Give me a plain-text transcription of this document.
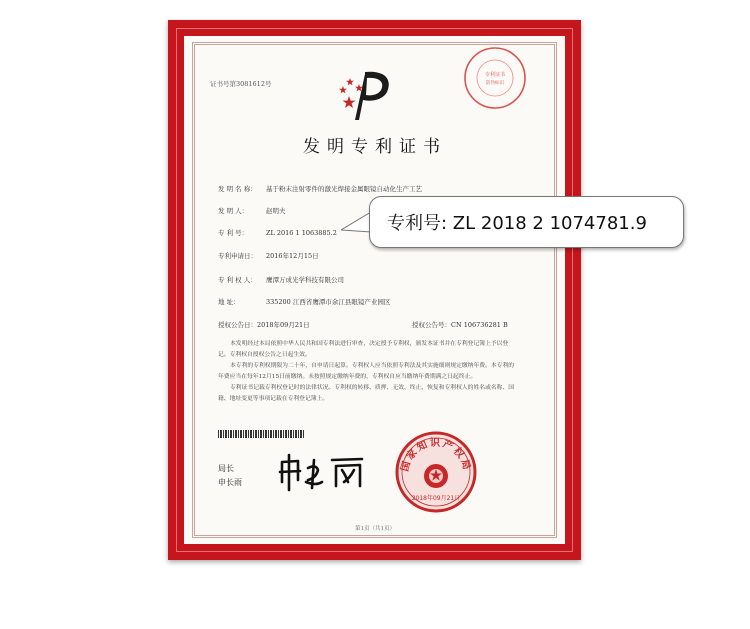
证书号第3081612号
专利证书
防伪标识
发明专利证书
发 明 名 称： 基于粉末注射零件的激光焊接金属眼镜自动化生产工艺
发 明 人：	赵明夫
专 利 号：	ZL 2016 1 1063885.2
专利申请日： 2016年12月15日
专 利 权 人： 鹰潭万成光学科技有限公司
地 址：	335200 江西省鹰潭市余江县眼镜产业园区
授权公告日：2018年09月21日	授权公告号：CN 106736281 B
本发明经过本局依照中华人民共和国专利法进行审查，决定授予专利权，颁发本证书并在专利登记簿上予以登记。专利权自授权公告之日起生效。
本专利的专利权期限为二十年，自申请日起算。专利权人应当依照专利法及其实施细则规定缴纳年费。本专利的年费应当在每年12月15日前缴纳。未按照规定缴纳年费的，专利权自应当缴纳年费期满之日起终止。
专利证书记载专利权登记时的法律状况。专利权的转移、质押、无效、终止、恢复和专利权人的姓名或名称、国籍、地址变更等事项记载在专利登记簿上。
局长
申长雨
国家知识产权局
2018年09月21日
第1页（共1页）
专利号: ZL 2018 2 1074781.9
